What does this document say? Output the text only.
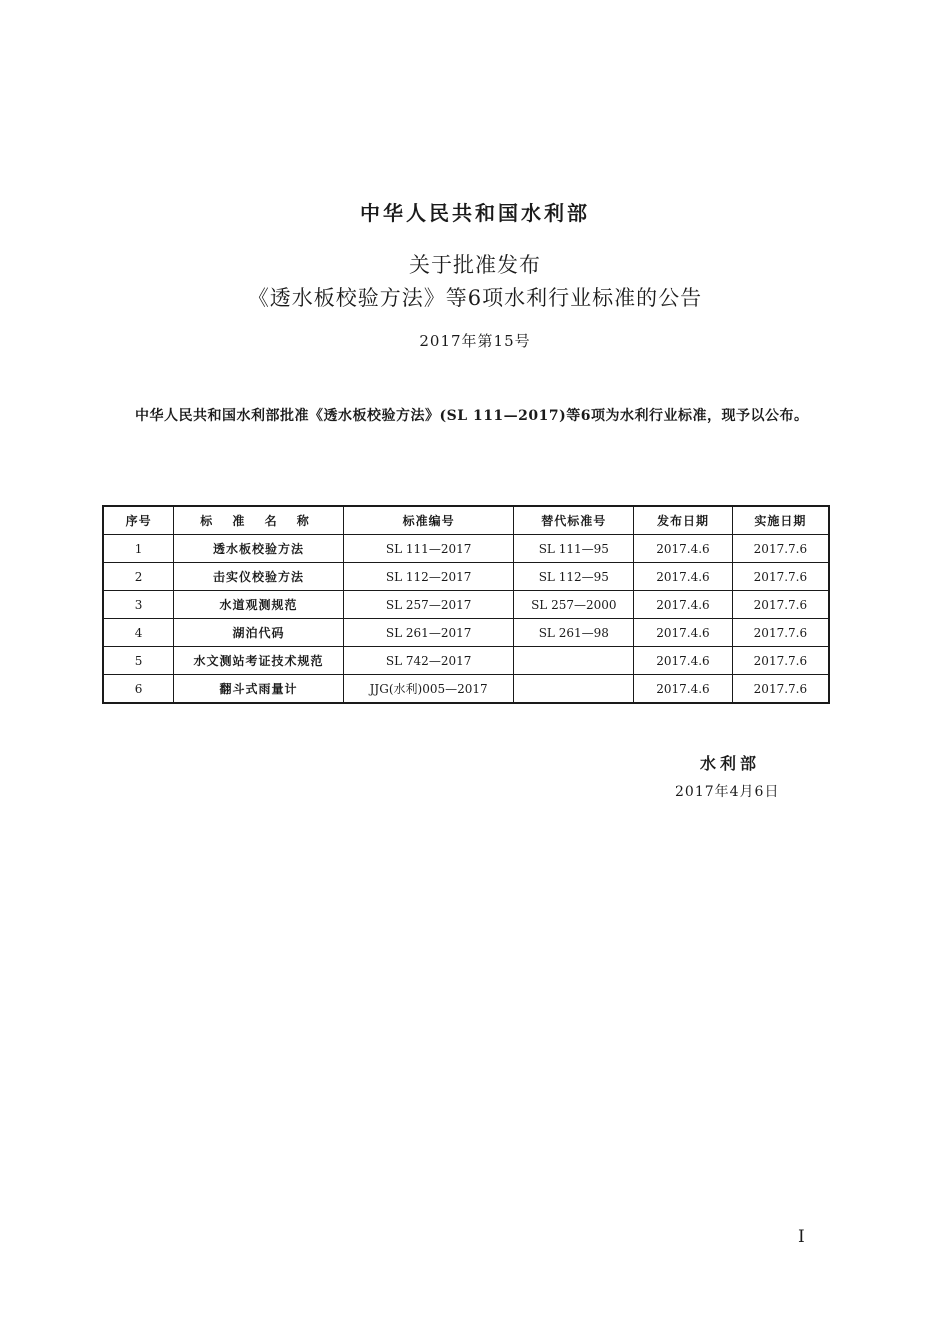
中华人民共和国水利部
关于批准发布
《透水板校验方法》等6项水利行业标准的公告
2017年第15号
中华人民共和国水利部批准《透水板校验方法》(SL 111—2017)等6项为水利行业标准，现予以公布。
序号	标 准 名 称	标准编号	替代标准号	发布日期	实施日期
1	透水板校验方法	SL 111—2017	SL 111—95	2017.4.6	2017.7.6
2	击实仪校验方法	SL 112—2017	SL 112—95	2017.4.6	2017.7.6
3	水道观测规范	SL 257—2017	SL 257—2000	2017.4.6	2017.7.6
4	湖泊代码	SL 261—2017	SL 261—98	2017.4.6	2017.7.6
5	水文测站考证技术规范	SL 742—2017		2017.4.6	2017.7.6
6	翻斗式雨量计	JJG(水利)005—2017		2017.4.6	2017.7.6
水利部
2017年4月6日
I
